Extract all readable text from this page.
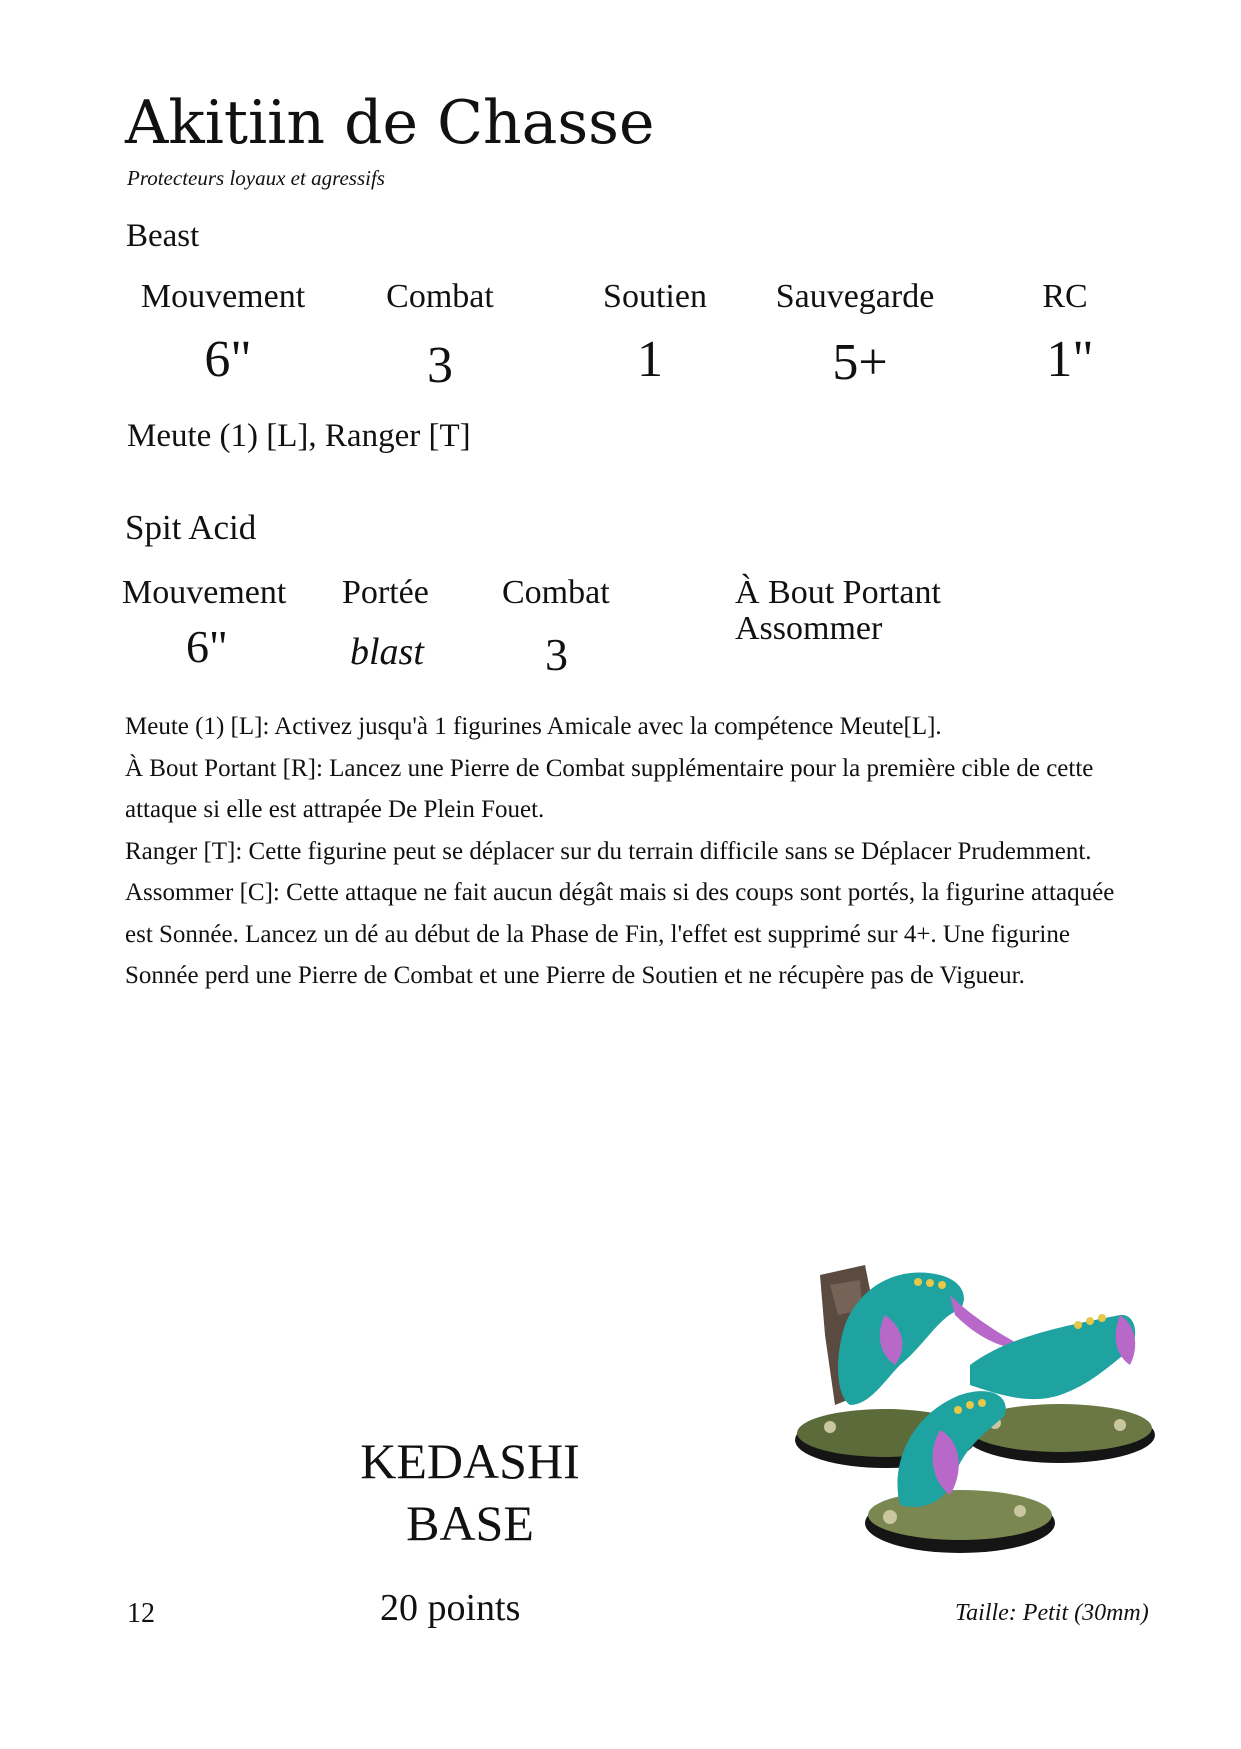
Akitiin de Chasse
Protecteurs loyaux et agressifs
Beast
Mouvement	Combat	Soutien	Sauvegarde	RC
6"	3	1	5+	1"
Meute (1) [L], Ranger [T]
Spit Acid
Mouvement Portée Combat
6"	blast	3
À Bout Portant
Assommer

Meute (1) [L]: Activez jusqu'à 1 figurines Amicale avec la compétence Meute[L].

À Bout Portant [R]: Lancez une Pierre de Combat supplémentaire pour la première cible de cette attaque si elle est attrapée De Plein Fouet.

Ranger [T]: Cette figurine peut se déplacer sur du terrain difficile sans se Déplacer Prudemment.

Assommer [C]: Cette attaque ne fait aucun dégât mais si des coups sont portés, la figurine attaquée est Sonnée. Lancez un dé au début de la Phase de Fin, l'effet est supprimé sur 4+. Une figurine Sonnée perd une Pierre de Combat et une Pierre de Soutien et ne récupère pas de Vigueur.

KEDASHI
BASE
12	20 points	Taille: Petit (30mm)
